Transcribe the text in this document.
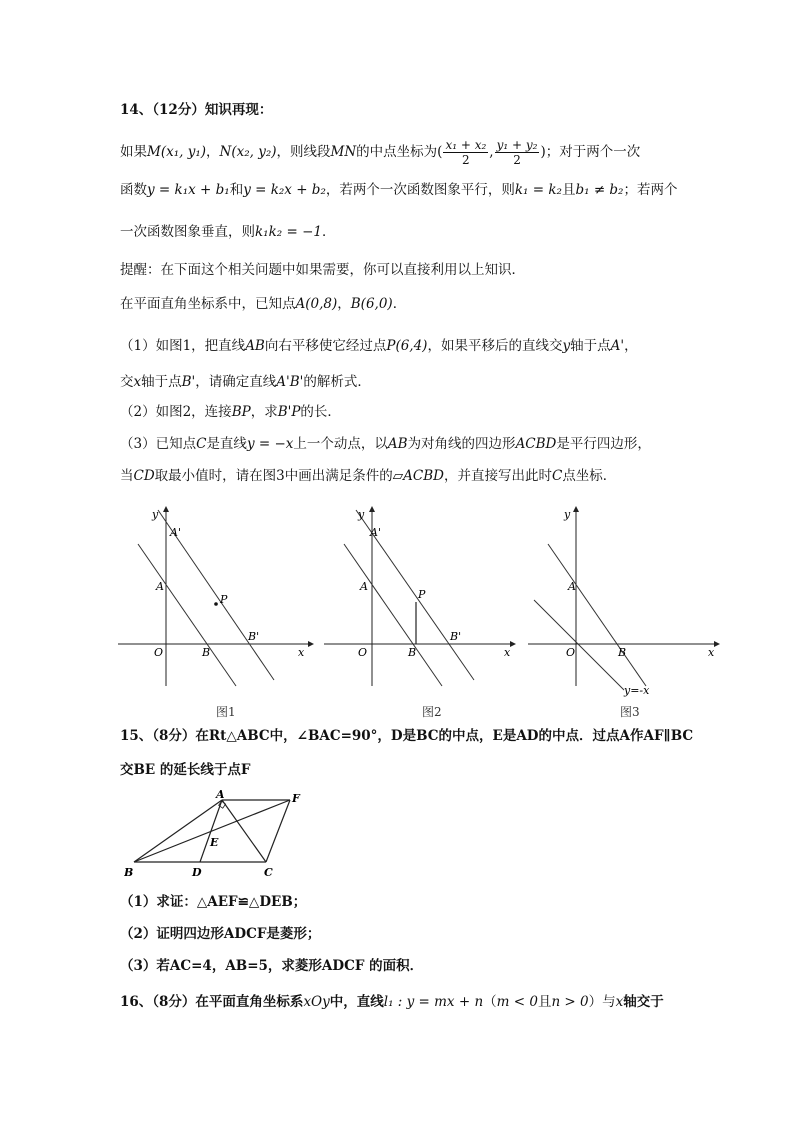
14、（12分）知识再现：
如果M(x₁, y₁)，N(x₂, y₂)，则线段MN的中点坐标为( $\frac{\text{x₁ + x₂}}{2}$ , $\frac{\text{y₁ + y₂}}{2}$ )；对于两个一次
函数y = k₁x + b₁和y = k₂x + b₂，若两个一次函数图象平行，则k₁ = k₂且b₁ ≠ b₂；若两个
一次函数图象垂直，则k₁k₂ = −1．
提醒：在下面这个相关问题中如果需要，你可以直接利用以上知识．
在平面直角坐标系中，已知点A(0,8)，B(6,0)．
（1）如图1，把直线AB向右平移使它经过点P(6,4)，如果平移后的直线交y轴于点A'，
交x轴于点B'，请确定直线A'B'的解析式．
（2）如图2，连接BP，求B'P的长．
（3）已知点C是直线y = −x上一个动点，以AB为对角线的四边形ACBD是平行四边形，
当CD取最小值时，请在图3中画出满足条件的▱ACBD，并直接写出此时C点坐标．
y
x
O
A
A'
B
B'
P
图1
y
x
O
A
A'
B
B'
P
图2
y
x
O
A
B
y=-x
图3
15、（8分）在Rt△ABC中，∠BAC=90°，D是BC的中点，E是AD的中点．过点A作AF∥BC
交BE 的延长线于点F
A	F
E
B	D	C
（1）求证：△AEF≌△DEB；
（2）证明四边形ADCF是菱形；
（3）若AC=4，AB=5，求菱形ADCF 的面积．
16、（8分）在平面直角坐标系xOy中，直线l₁ : y = mx + n（m < 0且n > 0）与x轴交于
